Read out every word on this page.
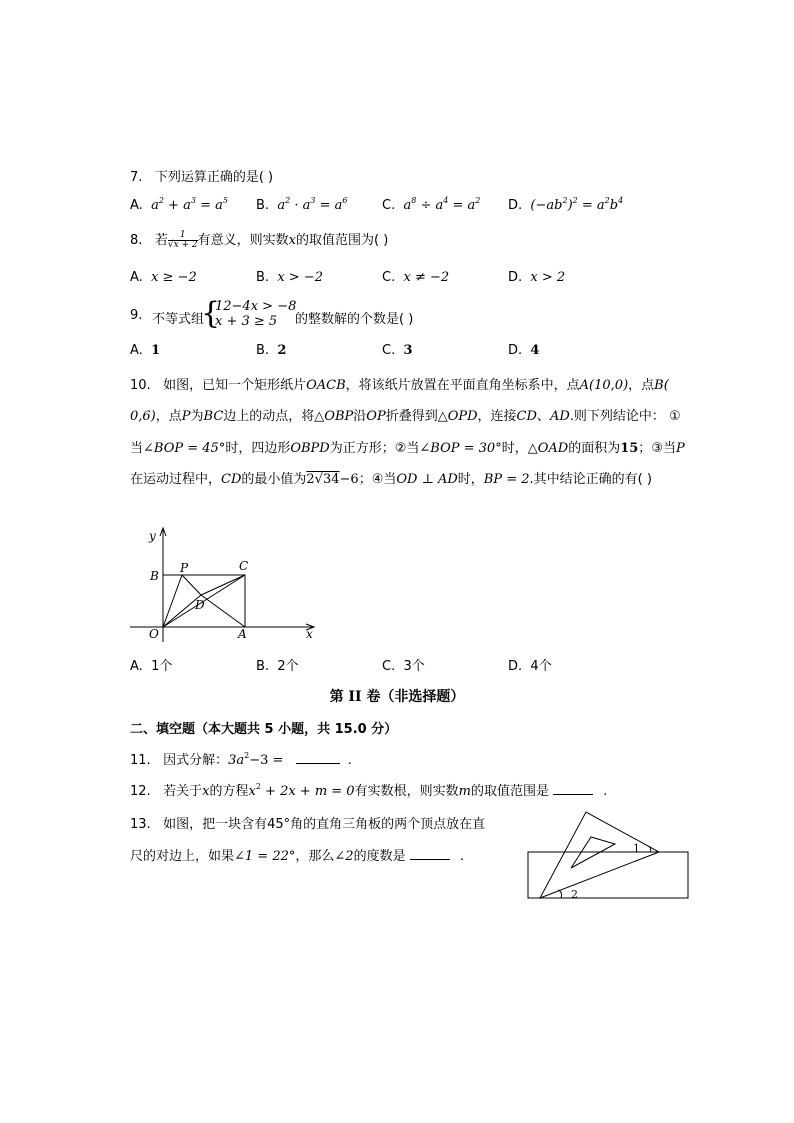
7. 下列运算正确的是( )
A. $a^2 + a^3 = a^5$ B. $a^2 \cdot a^3 = a^6$	C. $a^8 \div a^4 = a^2$ D. $(-ab^2)^2 = a^2b^4$
8. 若 $\frac{1}{√x + 2}$ 有意义，则实数x的取值范围为( )
A. x ≥ −2	B. x > −2	C. x ≠ −2	D. x > 2
9. 不等式组
{
12−4x > −8
x + 3 ≥ 5 的整数解的个数是( )
A. 1	B. 2	C. 3	D. 4
10. 如图，已知一个矩形纸片OACB，将该纸片放置在平面直角坐标系中，点A(10,0)，点B(
0,6)，点P为BC边上的动点，将△OBP沿OP折叠得到△OPD，连接CD、AD.则下列结论中： ①
当∠BOP = 45°时，四边形OBPD为正方形；②当∠BOP = 30°时，△OAD的面积为15；③当P
在运动过程中，CD的最小值为2√34−6；④当OD ⊥ AD时，BP = 2.其中结论正确的有( )
y
x
O	A
B
C
P
D
A. 1个	B. 2个	C. 3个	D. 4个
第 II 卷（非选择题）
二、填空题（本大题共 5 小题，共 15.0 分）
11. 因式分解：$3a^2-3$ =	.
12. 若关于x的方程$x^2 + 2x + m = 0$有实数根，则实数m的取值范围是	.
13. 如图，把一块含有45°角的直角三角板的两个顶点放在直
尺的对边上，如果∠1 = 22°，那么∠2的度数是	.
1
2
